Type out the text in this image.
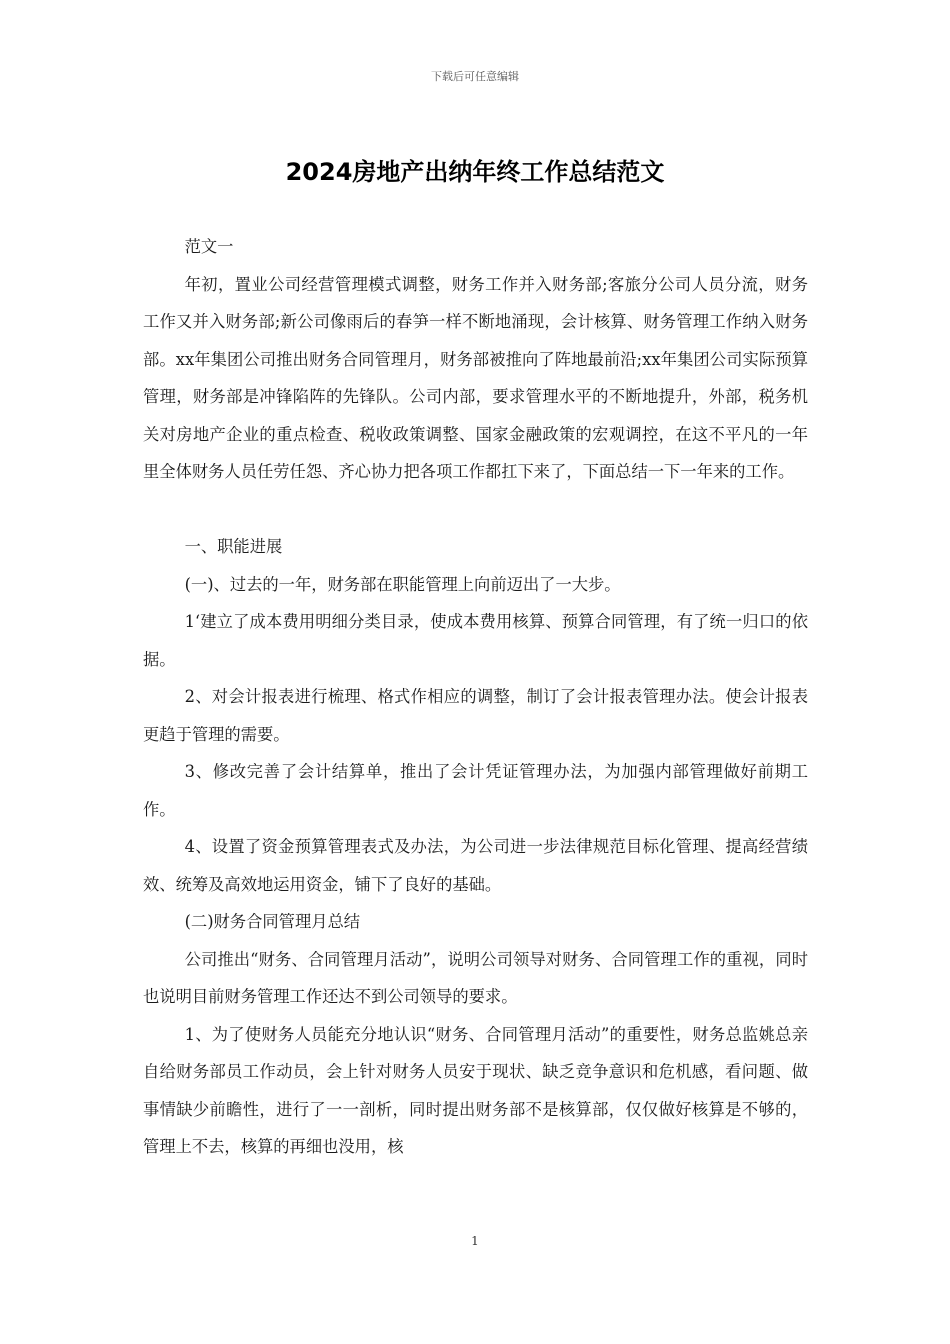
下载后可任意编辑
2024房地产出纳年终工作总结范文

范文一

年初，置业公司经营管理模式调整，财务工作并入财务部;客旅分公司人员分流，财务工作又并入财务部;新公司像雨后的春笋一样不断地涌现，会计核算、财务管理工作纳入财务部。xx年集团公司推出财务合同管理月，财务部被推向了阵地最前沿;xx年集团公司实际预算管理，财务部是冲锋陷阵的先锋队。公司内部，要求管理水平的不断地提升，外部，税务机关对房地产企业的重点检查、税收政策调整、国家金融政策的宏观调控，在这不平凡的一年里全体财务人员任劳任怨、齐心协力把各项工作都扛下来了，下面总结一下一年来的工作。

一、职能进展

(一)、过去的一年，财务部在职能管理上向前迈出了一大步。

1‘建立了成本费用明细分类目录，使成本费用核算、预算合同管理，有了统一归口的依据。

2、对会计报表进行梳理、格式作相应的调整，制订了会计报表管理办法。使会计报表更趋于管理的需要。

3、修改完善了会计结算单，推出了会计凭证管理办法，为加强内部管理做好前期工作。

4、设置了资金预算管理表式及办法，为公司进一步法律规范目标化管理、提高经营绩效、统筹及高效地运用资金，铺下了良好的基础。

(二)财务合同管理月总结

公司推出“财务、合同管理月活动”，说明公司领导对财务、合同管理工作的重视，同时也说明目前财务管理工作还达不到公司领导的要求。

1、为了使财务人员能充分地认识“财务、合同管理月活动”的重要性，财务总监姚总亲自给财务部员工作动员，会上针对财务人员安于现状、缺乏竞争意识和危机感，看问题、做事情缺少前瞻性，进行了一一剖析，同时提出财务部不是核算部，仅仅做好核算是不够的，管理上不去，核算的再细也没用，核

1
